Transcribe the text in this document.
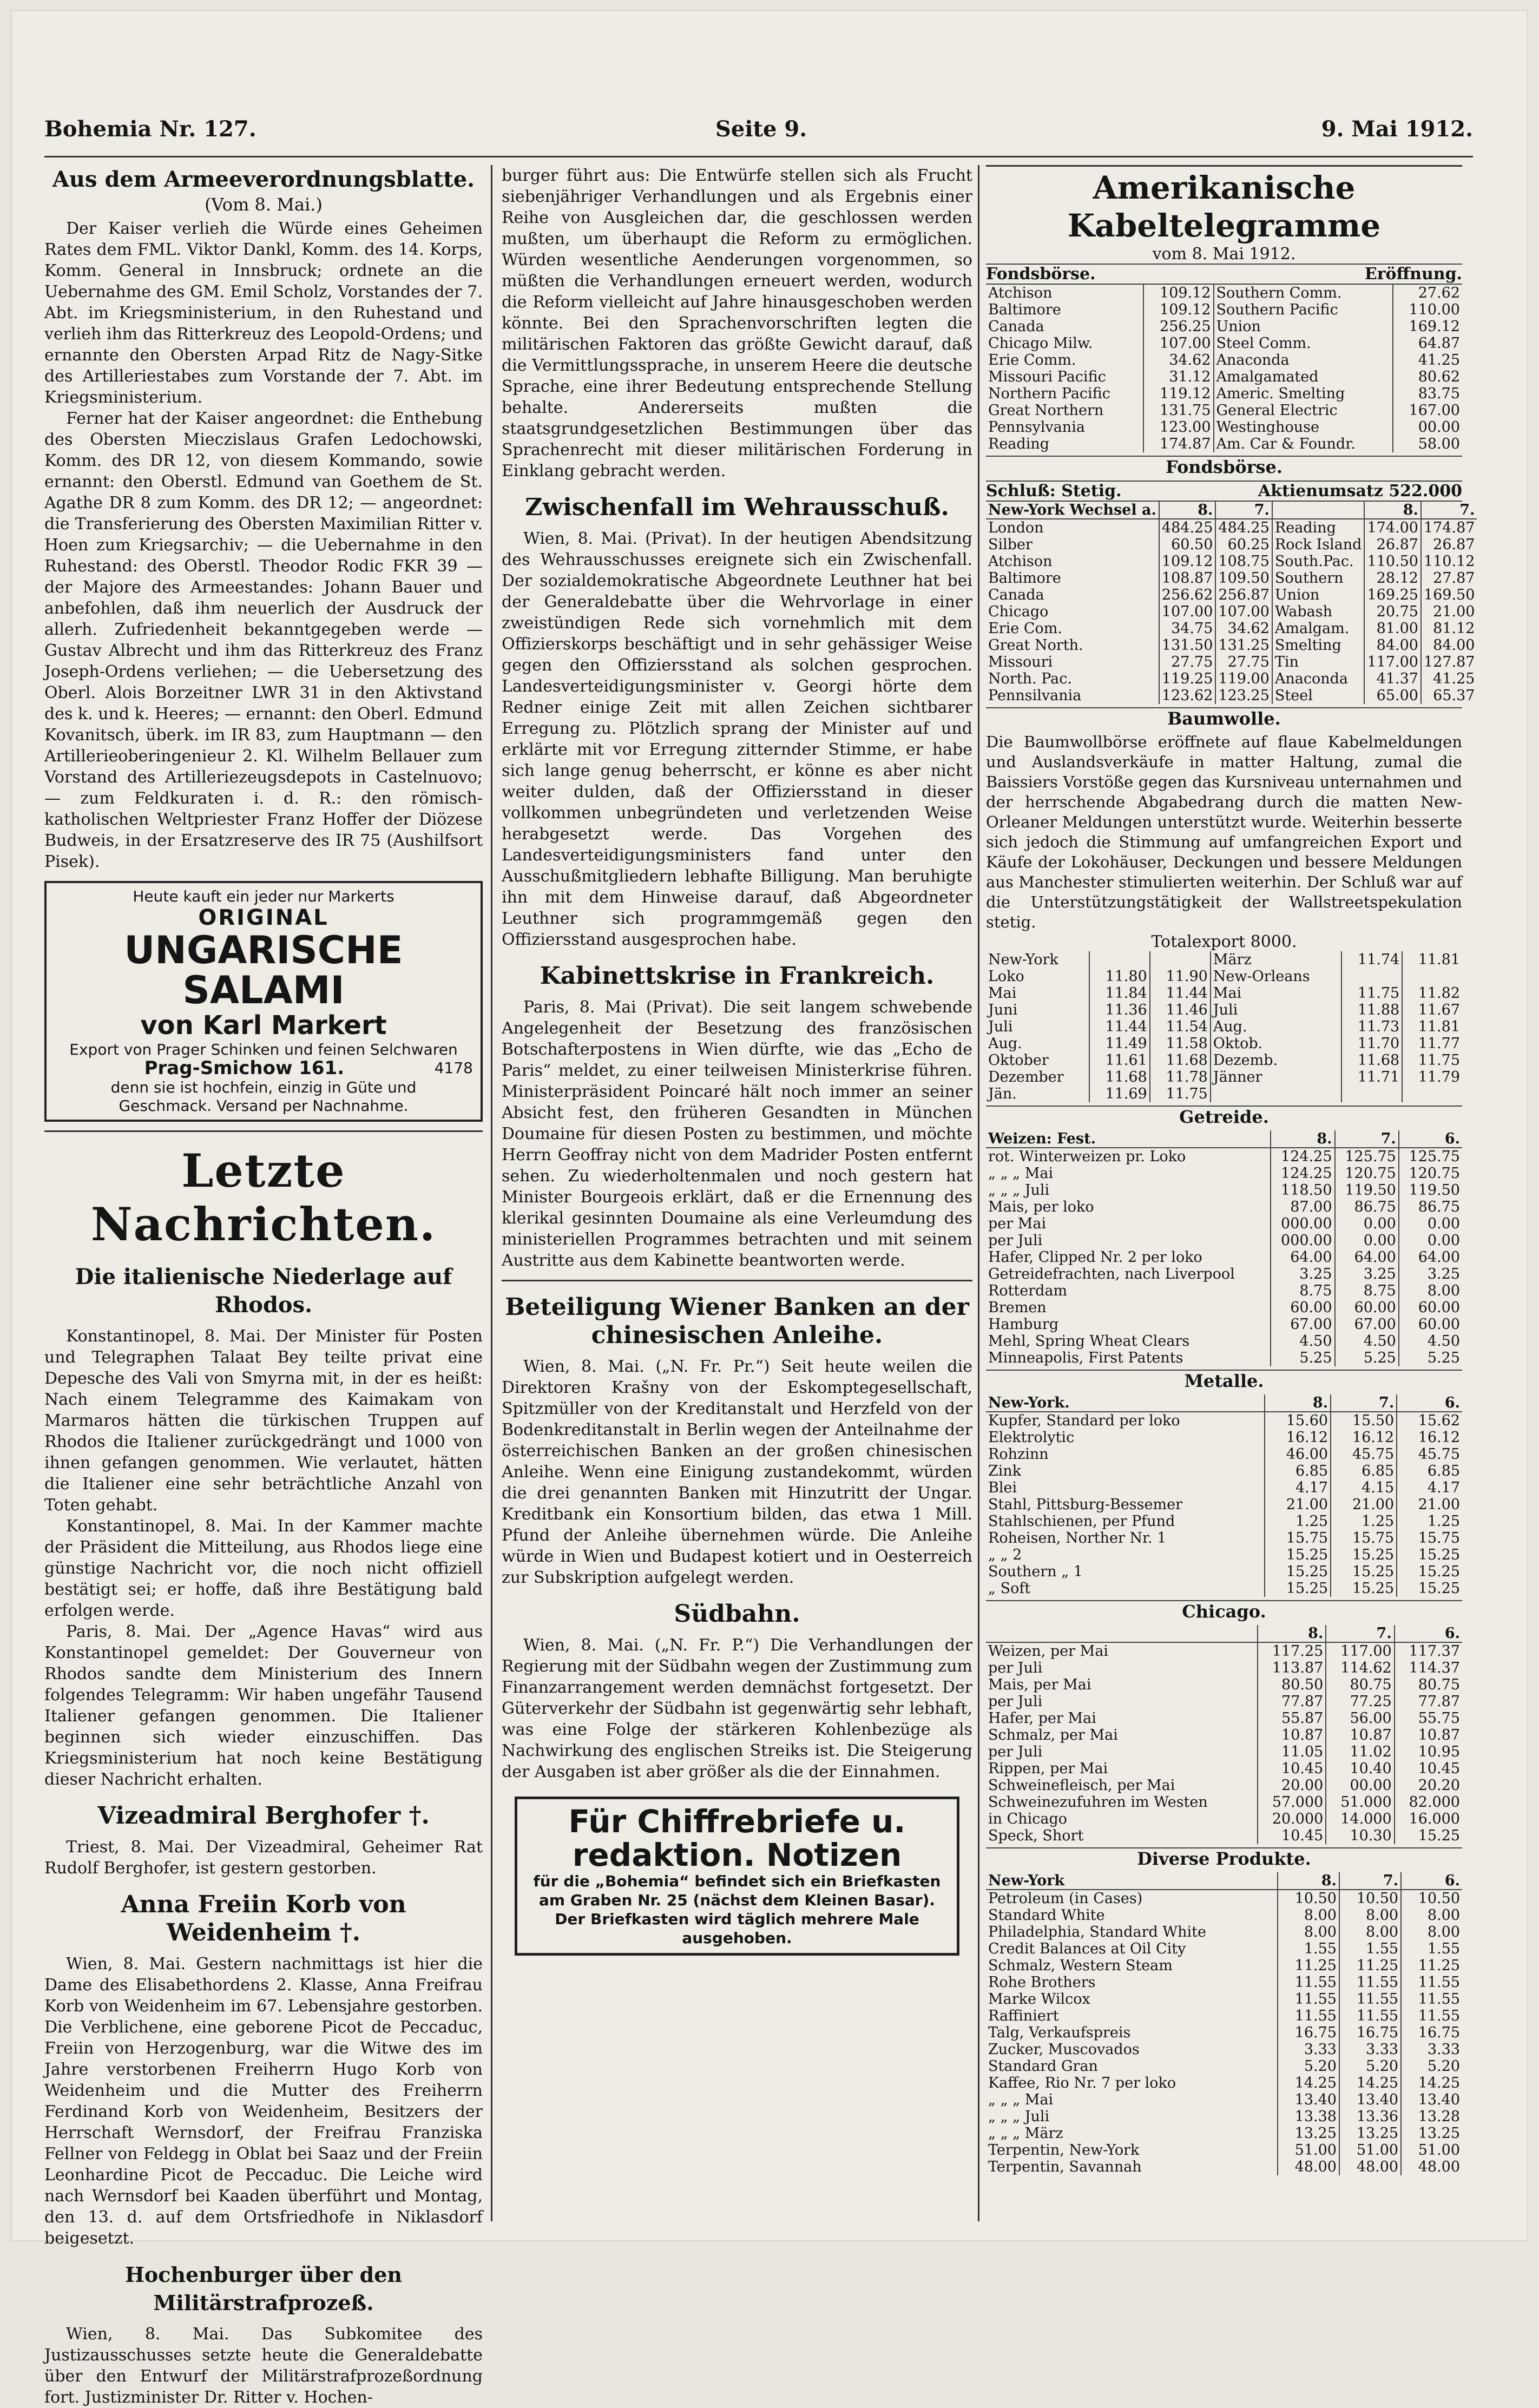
Bohemia Nr. 127.	Seite 9.	9. Mai 1912.
Aus dem Armeeverordnungsblatte.
(Vom 8. Mai.)

Der Kaiser verlieh die Würde eines Geheimen Rates dem FML. Viktor Dankl, Komm. des 14. Korps, Komm. General in Innsbruck; ordnete an die Uebernahme des GM. Emil Scholz, Vorstandes der 7. Abt. im Kriegsministerium, in den Ruhestand und verlieh ihm das Ritterkreuz des Leopold-Ordens; und ernannte den Obersten Arpad Ritz de Nagy-Sitke des Artilleriestabes zum Vorstande der 7. Abt. im Kriegsministerium.

Ferner hat der Kaiser angeordnet: die Enthebung des Obersten Mieczislaus Grafen Ledochowski, Komm. des DR 12, von diesem Kommando, sowie ernannt: den Oberstl. Edmund van Goethem de St. Agathe DR 8 zum Komm. des DR 12; — angeordnet: die Transferierung des Obersten Maximilian Ritter v. Hoen zum Kriegsarchiv; — die Uebernahme in den Ruhestand: des Oberstl. Theodor Rodic FKR 39 — der Majore des Armeestandes: Johann Bauer und anbefohlen, daß ihm neuerlich der Ausdruck der allerh. Zufriedenheit bekanntgegeben werde — Gustav Albrecht und ihm das Ritterkreuz des Franz Joseph-Ordens verliehen; — die Uebersetzung des Oberl. Alois Borzeitner LWR 31 in den Aktivstand des k. und k. Heeres; — ernannt: den Oberl. Edmund Kovanitsch, überk. im IR 83, zum Hauptmann — den Artillerieoberingenieur 2. Kl. Wilhelm Bellauer zum Vorstand des Artilleriezeugsdepots in Castelnuovo; — zum Feldkuraten i. d. R.: den römisch-katholischen Weltpriester Franz Hoffer der Diözese Budweis, in der Ersatzreserve des IR 75 (Aushilfsort Pisek).

Heute kauft ein jeder nur Markerts
ORIGINAL
UNGARISCHE SALAMI
von Karl Markert
Export von Prager Schinken und feinen Selchwaren
Prag-Smichow 161.	4178
denn sie ist hochfein, einzig in Güte und
Geschmack. Versand per Nachnahme.
Letzte Nachrichten.
Die italienische Niederlage auf Rhodos.

Konstantinopel, 8. Mai. Der Minister für Posten und Telegraphen Talaat Bey teilte privat eine Depesche des Vali von Smyrna mit, in der es heißt: Nach einem Telegramme des Kaimakam von Marmaros hätten die türkischen Truppen auf Rhodos die Italiener zurückgedrängt und 1000 von ihnen gefangen genommen. Wie verlautet, hätten die Italiener eine sehr beträchtliche Anzahl von Toten gehabt.

Konstantinopel, 8. Mai. In der Kammer machte der Präsident die Mitteilung, aus Rhodos liege eine günstige Nachricht vor, die noch nicht offiziell bestätigt sei; er hoffe, daß ihre Bestätigung bald erfolgen werde.

Paris, 8. Mai. Der „Agence Havas“ wird aus Konstantinopel gemeldet: Der Gouverneur von Rhodos sandte dem Ministerium des Innern folgendes Telegramm: Wir haben ungefähr Tausend Italiener gefangen genommen. Die Italiener beginnen sich wieder einzuschiffen. Das Kriegsministerium hat noch keine Bestätigung dieser Nachricht erhalten.

Vizeadmiral Berghofer †.

Triest, 8. Mai. Der Vizeadmiral, Geheimer Rat Rudolf Berghofer, ist gestern gestorben.

Anna Freiin Korb von Weidenheim †.

Wien, 8. Mai. Gestern nachmittags ist hier die Dame des Elisabethordens 2. Klasse, Anna Freifrau Korb von Weidenheim im 67. Lebensjahre gestorben. Die Verblichene, eine geborene Picot de Peccaduc, Freiin von Herzogenburg, war die Witwe des im Jahre verstorbenen Freiherrn Hugo Korb von Weidenheim und die Mutter des Freiherrn Ferdinand Korb von Weidenheim, Besitzers der Herrschaft Wernsdorf, der Freifrau Franziska Fellner von Feldegg in Oblat bei Saaz und der Freiin Leonhardine Picot de Peccaduc. Die Leiche wird nach Wernsdorf bei Kaaden überführt und Montag, den 13. d. auf dem Ortsfriedhofe in Niklasdorf beigesetzt.

Hochenburger über den Militärstrafprozeß.

Wien, 8. Mai. Das Subkomitee des Justizausschusses setzte heute die Generaldebatte über den Entwurf der Militärstrafprozeßordnung fort. Justizminister Dr. Ritter v. Hochen-

burger führt aus: Die Entwürfe stellen sich als Frucht siebenjähriger Verhandlungen und als Ergebnis einer Reihe von Ausgleichen dar, die geschlossen werden mußten, um überhaupt die Reform zu ermöglichen. Würden wesentliche Aenderungen vorgenommen, so müßten die Verhandlungen erneuert werden, wodurch die Reform vielleicht auf Jahre hinausgeschoben werden könnte. Bei den Sprachenvorschriften legten die militärischen Faktoren das größte Gewicht darauf, daß die Vermittlungssprache, in unserem Heere die deutsche Sprache, eine ihrer Bedeutung entsprechende Stellung behalte. Andererseits mußten die staatsgrundgesetzlichen Bestimmungen über das Sprachenrecht mit dieser militärischen Forderung in Einklang gebracht werden.

Zwischenfall im Wehrausschuß.

Wien, 8. Mai. (Privat). In der heutigen Abendsitzung des Wehrausschusses ereignete sich ein Zwischenfall. Der sozialdemokratische Abgeordnete Leuthner hat bei der Generaldebatte über die Wehrvorlage in einer zweistündigen Rede sich vornehmlich mit dem Offizierskorps beschäftigt und in sehr gehässiger Weise gegen den Offiziersstand als solchen gesprochen. Landesverteidigungsminister v. Georgi hörte dem Redner einige Zeit mit allen Zeichen sichtbarer Erregung zu. Plötzlich sprang der Minister auf und erklärte mit vor Erregung zitternder Stimme, er habe sich lange genug beherrscht, er könne es aber nicht weiter dulden, daß der Offiziersstand in dieser vollkommen unbegründeten und verletzenden Weise herabgesetzt werde. Das Vorgehen des Landesverteidigungsministers fand unter den Ausschußmitgliedern lebhafte Billigung. Man beruhigte ihn mit dem Hinweise darauf, daß Abgeordneter Leuthner sich programmgemäß gegen den Offiziersstand ausgesprochen habe.

Kabinettskrise in Frankreich.

Paris, 8. Mai (Privat). Die seit langem schwebende Angelegenheit der Besetzung des französischen Botschafterpostens in Wien dürfte, wie das „Echo de Paris“ meldet, zu einer teilweisen Ministerkrise führen. Ministerpräsident Poincaré hält noch immer an seiner Absicht fest, den früheren Gesandten in München Doumaine für diesen Posten zu bestimmen, und möchte Herrn Geoffray nicht von dem Madrider Posten entfernt sehen. Zu wiederholtenmalen und noch gestern hat Minister Bourgeois erklärt, daß er die Ernennung des klerikal gesinnten Doumaine als eine Verleumdung des ministeriellen Programmes betrachten und mit seinem Austritte aus dem Kabinette beantworten werde.

Beteiligung Wiener Banken an der chinesischen Anleihe.

Wien, 8. Mai. („N. Fr. Pr.“) Seit heute weilen die Direktoren Krašny von der Eskomptegesellschaft, Spitzmüller von der Kreditanstalt und Herzfeld von der Bodenkreditanstalt in Berlin wegen der Anteilnahme der österreichischen Banken an der großen chinesischen Anleihe. Wenn eine Einigung zustandekommt, würden die drei genannten Banken mit Hinzutritt der Ungar. Kreditbank ein Konsortium bilden, das etwa 1 Mill. Pfund der Anleihe übernehmen würde. Die Anleihe würde in Wien und Budapest kotiert und in Oesterreich zur Subskription aufgelegt werden.

Südbahn.

Wien, 8. Mai. („N. Fr. P.“) Die Verhandlungen der Regierung mit der Südbahn wegen der Zustimmung zum Finanzarrangement werden demnächst fortgesetzt. Der Güterverkehr der Südbahn ist gegenwärtig sehr lebhaft, was eine Folge der stärkeren Kohlenbezüge als Nachwirkung des englischen Streiks ist. Die Steigerung der Ausgaben ist aber größer als die der Einnahmen.

Für Chiffrebriefe u.
redaktion. Notizen
für die „Bohemia“ befindet sich ein Briefkasten am Graben Nr. 25 (nächst dem Kleinen Basar). Der Briefkasten wird täglich mehrere Male ausgehoben.
Amerikanische Kabeltelegramme
vom 8. Mai 1912.
Fondsbörse.	Eröffnung.
Atchison	109.12	Southern Comm.	27.62
Baltimore	109.12	Southern Pacific	110.00
Canada	256.25	Union	169.12
Chicago Milw.	107.00	Steel Comm.	64.87
Erie Comm.	34.62	Anaconda	41.25
Missouri Pacific	31.12	Amalgamated	80.62
Northern Pacific	119.12	Americ. Smelting	83.75
Great Northern	131.75	General Electric	167.00
Pennsylvania	123.00	Westinghouse	00.00
Reading	174.87	Am. Car & Foundr.	58.00
Fondsbörse.
Schluß: Stetig.	Aktienumsatz 522.000
New-York Wechsel a.	8.	7.		8.	7.
London	484.25	484.25	Reading	174.00	174.87
Silber	60.50	60.25	Rock Island	26.87	26.87
Atchison	109.12	108.75	South.Pac.	110.50	110.12
Baltimore	108.87	109.50	Southern	28.12	27.87
Canada	256.62	256.87	Union	169.25	169.50
Chicago	107.00	107.00	Wabash	20.75	21.00
Erie Com.	34.75	34.62	Amalgam.	81.00	81.12
Great North.	131.50	131.25	Smelting	84.00	84.00
Missouri	27.75	27.75	Tin	117.00	127.87
North. Pac.	119.25	119.00	Anaconda	41.37	41.25
Pennsilvania	123.62	123.25	Steel	65.00	65.37
Baumwolle.
Die Baumwollbörse eröffnete auf flaue Kabelmeldungen und Auslandsverkäufe in matter Haltung, zumal die Baissiers Vorstöße gegen das Kursniveau unternahmen und der herrschende Abgabedrang durch die matten New-Orleaner Meldungen unterstützt wurde. Weiterhin besserte sich jedoch die Stimmung auf umfangreichen Export und Käufe der Lokohäuser, Deckungen und bessere Meldungen aus Manchester stimulierten weiterhin. Der Schluß war auf die Unterstützungstätigkeit der Wallstreetspekulation stetig.
Totalexport 8000.
New-York			März	11.74	11.81
Loko	11.80	11.90	New-Orleans		
Mai	11.84	11.44	Mai	11.75	11.82
Juni	11.36	11.46	Juli	11.88	11.67
Juli	11.44	11.54	Aug.	11.73	11.81
Aug.	11.49	11.58	Oktob.	11.70	11.77
Oktober	11.61	11.68	Dezemb.	11.68	11.75
Dezember	11.68	11.78	Jänner	11.71	11.79
Jän.	11.69	11.75			
Getreide.
Weizen: Fest.	8.	7.	6.
rot. Winterweizen pr. Loko	124.25	125.75	125.75
„ „ „ Mai	124.25	120.75	120.75
„ „ „ Juli	118.50	119.50	119.50
Mais, per loko	87.00	86.75	86.75
per Mai	000.00	0.00	0.00
per Juli	000.00	0.00	0.00
Hafer, Clipped Nr. 2 per loko	64.00	64.00	64.00
Getreidefrachten, nach Liverpool	3.25	3.25	3.25
Rotterdam	8.75	8.75	8.00
Bremen	60.00	60.00	60.00
Hamburg	67.00	67.00	60.00
Mehl, Spring Wheat Clears	4.50	4.50	4.50
Minneapolis, First Patents	5.25	5.25	5.25
Metalle.
New-York.	8.	7.	6.
Kupfer, Standard per loko	15.60	15.50	15.62
Elektrolytic	16.12	16.12	16.12
Rohzinn	46.00	45.75	45.75
Zink	6.85	6.85	6.85
Blei	4.17	4.15	4.17
Stahl, Pittsburg-Bessemer	21.00	21.00	21.00
Stahlschienen, per Pfund	1.25	1.25	1.25
Roheisen, Norther Nr. 1	15.75	15.75	15.75
„ „ 2	15.25	15.25	15.25
Southern „ 1	15.25	15.25	15.25
„ Soft	15.25	15.25	15.25
Chicago.
	8.	7.	6.
Weizen, per Mai	117.25	117.00	117.37
per Juli	113.87	114.62	114.37
Mais, per Mai	80.50	80.75	80.75
per Juli	77.87	77.25	77.87
Hafer, per Mai	55.87	56.00	55.75
Schmalz, per Mai	10.87	10.87	10.87
per Juli	11.05	11.02	10.95
Rippen, per Mai	10.45	10.40	10.45
Schweinefleisch, per Mai	20.00	00.00	20.20
Schweinezufuhren im Westen	57.000	51.000	82.000
in Chicago	20.000	14.000	16.000
Speck, Short	10.45	10.30	15.25
Diverse Produkte.
New-York	8.	7.	6.
Petroleum (in Cases)	10.50	10.50	10.50
Standard White	8.00	8.00	8.00
Philadelphia, Standard White	8.00	8.00	8.00
Credit Balances at Oil City	1.55	1.55	1.55
Schmalz, Western Steam	11.25	11.25	11.25
Rohe Brothers	11.55	11.55	11.55
Marke Wilcox	11.55	11.55	11.55
Raffiniert	11.55	11.55	11.55
Talg, Verkaufspreis	16.75	16.75	16.75
Zucker, Muscovados	3.33	3.33	3.33
Standard Gran	5.20	5.20	5.20
Kaffee, Rio Nr. 7 per loko	14.25	14.25	14.25
„ „ „ Mai	13.40	13.40	13.40
„ „ „ Juli	13.38	13.36	13.28
„ „ „ März	13.25	13.25	13.25
Terpentin, New-York	51.00	51.00	51.00
Terpentin, Savannah	48.00	48.00	48.00
